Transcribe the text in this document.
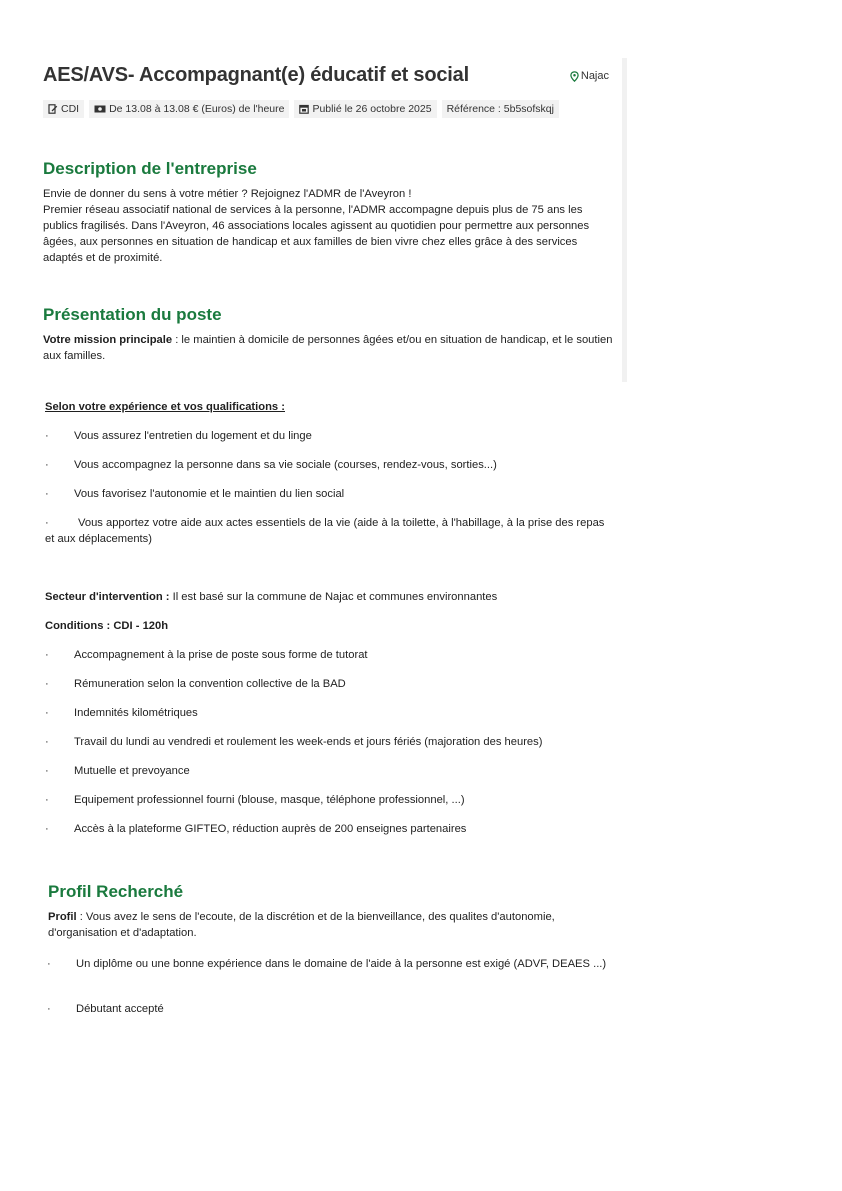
AES/AVS- Accompagnant(e) éducatif et social	Najac
CDI	De 13.08 à 13.08 € (Euros) de l'heure	Publié le 26 octobre 2025 Référence : 5b5sofskqj
Description de l'entreprise

Envie de donner du sens à votre métier ? Rejoignez l'ADMR de l'Aveyron !

Premier réseau associatif national de services à la personne, l'ADMR accompagne depuis plus de 75 ans les publics fragilisés. Dans l'Aveyron, 46 associations locales agissent au quotidien pour permettre aux personnes âgées, aux personnes en situation de handicap et aux familles de bien vivre chez elles grâce à des services adaptés et de proximité.

Présentation du poste

Votre mission principale : le maintien à domicile de personnes âgées et/ou en situation de handicap, et le soutien aux familles.

Selon votre expérience et vos qualifications :

·	Vous assurez l'entretien du logement et du linge
·	Vous accompagnez la personne dans sa vie sociale (courses, rendez-vous, sorties...)
·	Vous favorisez l'autonomie et le maintien du lien social
·	Vous apportez votre aide aux actes essentiels de la vie (aide à la toilette, à l'habillage, à la prise des repas et aux déplacements)

Secteur d'intervention : Il est basé sur la commune de Najac et communes environnantes

Conditions : CDI - 120h

·	Accompagnement à la prise de poste sous forme de tutorat
·	Rémuneration selon la convention collective de la BAD
·	Indemnités kilométriques
·	Travail du lundi au vendredi et roulement les week-ends et jours fériés (majoration des heures)
·	Mutuelle et prevoyance
·	Equipement professionnel fourni (blouse, masque, téléphone professionnel, ...)
·	Accès à la plateforme GIFTEO, réduction auprès de 200 enseignes partenaires
Profil Recherché

Profil : Vous avez le sens de l'ecoute, de la discrétion et de la bienveillance, des qualites d'autonomie, d'organisation et d'adaptation.

·	Un diplôme ou une bonne expérience dans le domaine de l'aide à la personne est exigé (ADVF, DEAES ...)
·	Débutant accepté
